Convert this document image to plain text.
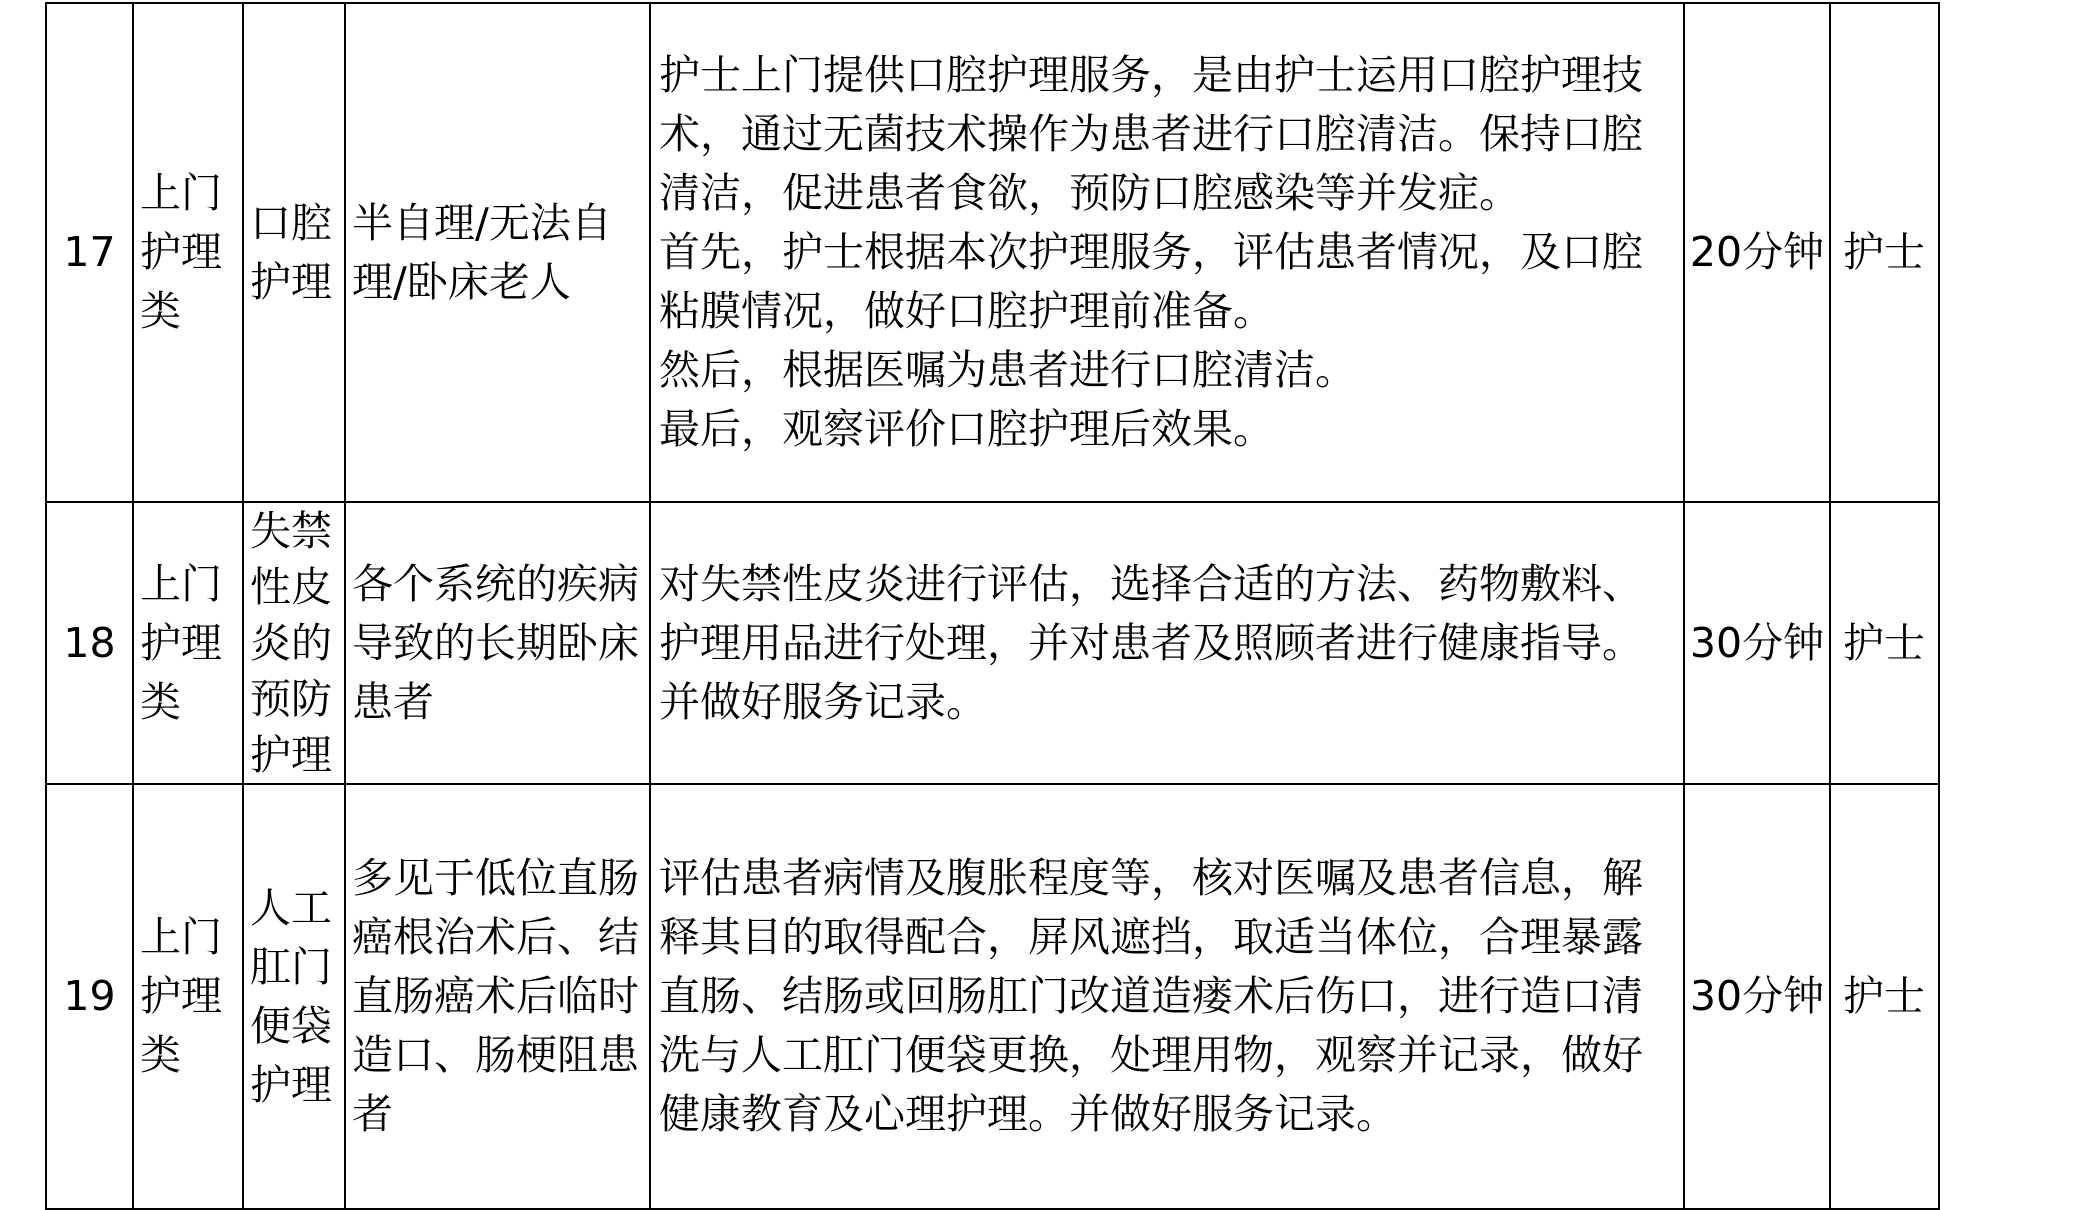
17	上门护理类	口腔护理	半自理/无法自理/卧床老人	护士上门提供口腔护理服务，是由护士运用口腔护理技术，通过无菌技术操作为患者进行口腔清洁。保持口腔清洁，促进患者食欲，预防口腔感染等并发症。
首先，护士根据本次护理服务，评估患者情况，及口腔粘膜情况，做好口腔护理前准备。
然后，根据医嘱为患者进行口腔清洁。
最后，观察评价口腔护理后效果。	20分钟	护士
18	上门护理类	失禁性皮炎的预防护理	各个系统的疾病导致的长期卧床患者	对失禁性皮炎进行评估，选择合适的方法、药物敷料、护理用品进行处理，并对患者及照顾者进行健康指导。并做好服务记录。	30分钟	护士
19	上门护理类	人工肛门便袋护理	多见于低位直肠癌根治术后、结直肠癌术后临时造口、肠梗阻患者	评估患者病情及腹胀程度等，核对医嘱及患者信息，解释其目的取得配合，屏风遮挡，取适当体位，合理暴露直肠、结肠或回肠肛门改道造瘘术后伤口，进行造口清洗与人工肛门便袋更换，处理用物，观察并记录，做好健康教育及心理护理。并做好服务记录。	30分钟	护士
